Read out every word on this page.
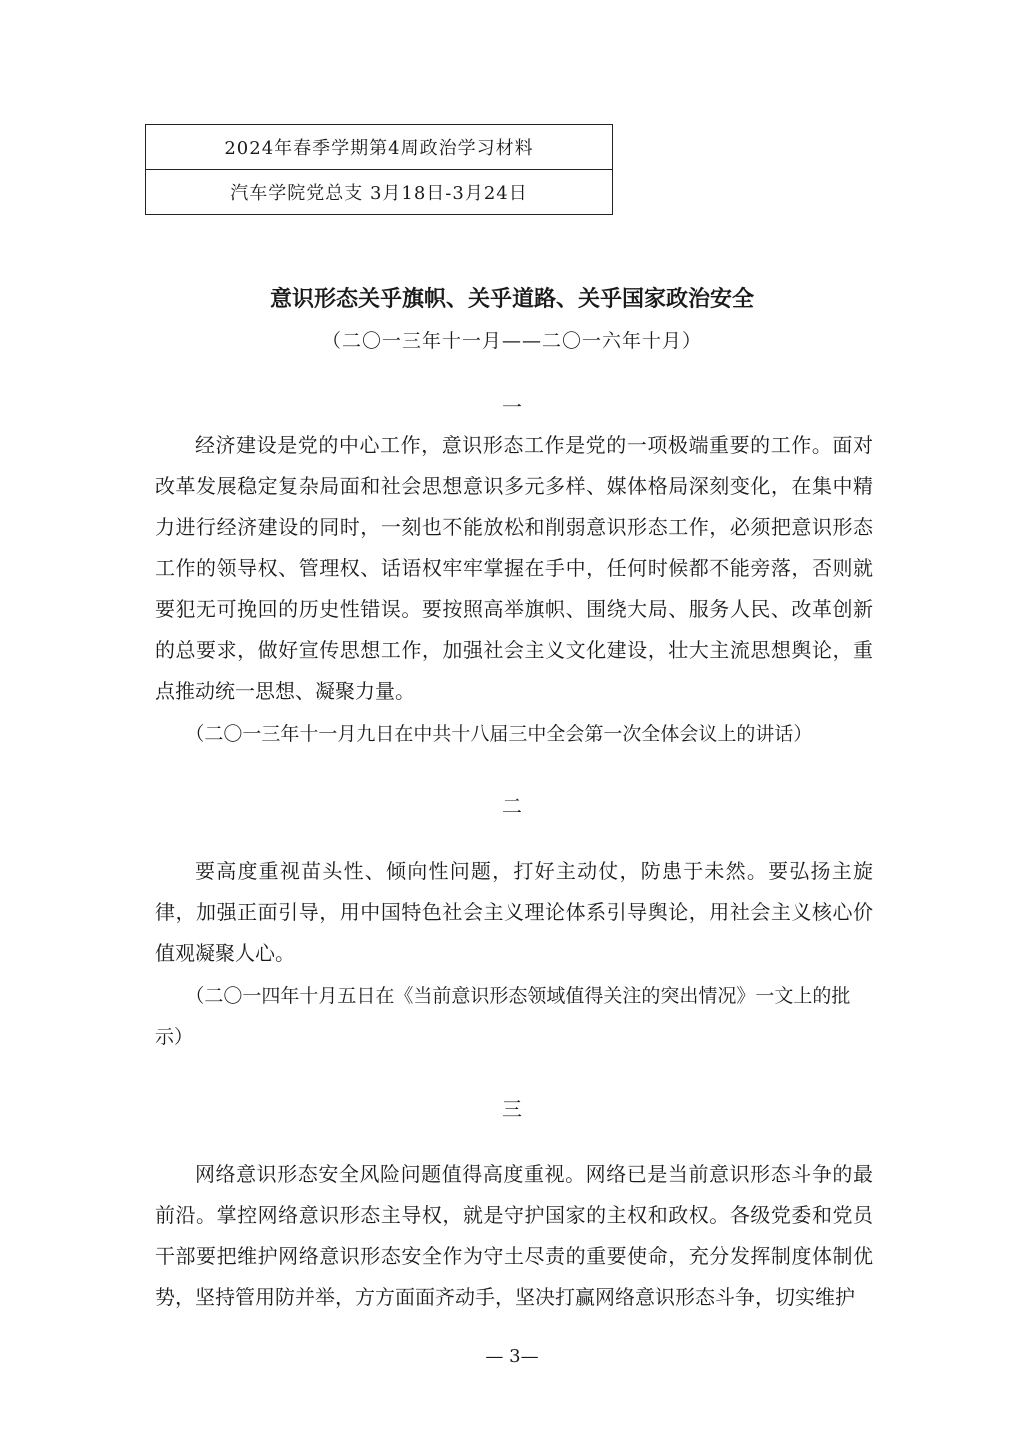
2024年春季学期第4周政治学习材料
汽车学院党总支 3月18日-3月24日
意识形态关乎旗帜、关乎道路、关乎国家政治安全
（二〇一三年十一月——二〇一六年十月）
一

经济建设是党的中心工作，意识形态工作是党的一项极端重要的工作。面对改革发展稳定复杂局面和社会思想意识多元多样、媒体格局深刻变化，在集中精力进行经济建设的同时，一刻也不能放松和削弱意识形态工作，必须把意识形态工作的领导权、管理权、话语权牢牢掌握在手中，任何时候都不能旁落，否则就要犯无可挽回的历史性错误。要按照高举旗帜、围绕大局、服务人民、改革创新的总要求，做好宣传思想工作，加强社会主义文化建设，壮大主流思想舆论，重点推动统一思想、凝聚力量。

（二〇一三年十一月九日在中共十八届三中全会第一次全体会议上的讲话）

二

要高度重视苗头性、倾向性问题，打好主动仗，防患于未然。要弘扬主旋律，加强正面引导，用中国特色社会主义理论体系引导舆论，用社会主义核心价值观凝聚人心。

（二〇一四年十月五日在《当前意识形态领域值得关注的突出情况》一文上的批示）

三

网络意识形态安全风险问题值得高度重视。网络已是当前意识形态斗争的最前沿。掌控网络意识形态主导权，就是守护国家的主权和政权。各级党委和党员干部要把维护网络意识形态安全作为守土尽责的重要使命，充分发挥制度体制优势，坚持管用防并举，方方面面齐动手，坚决打赢网络意识形态斗争，切实维护

— 3—
